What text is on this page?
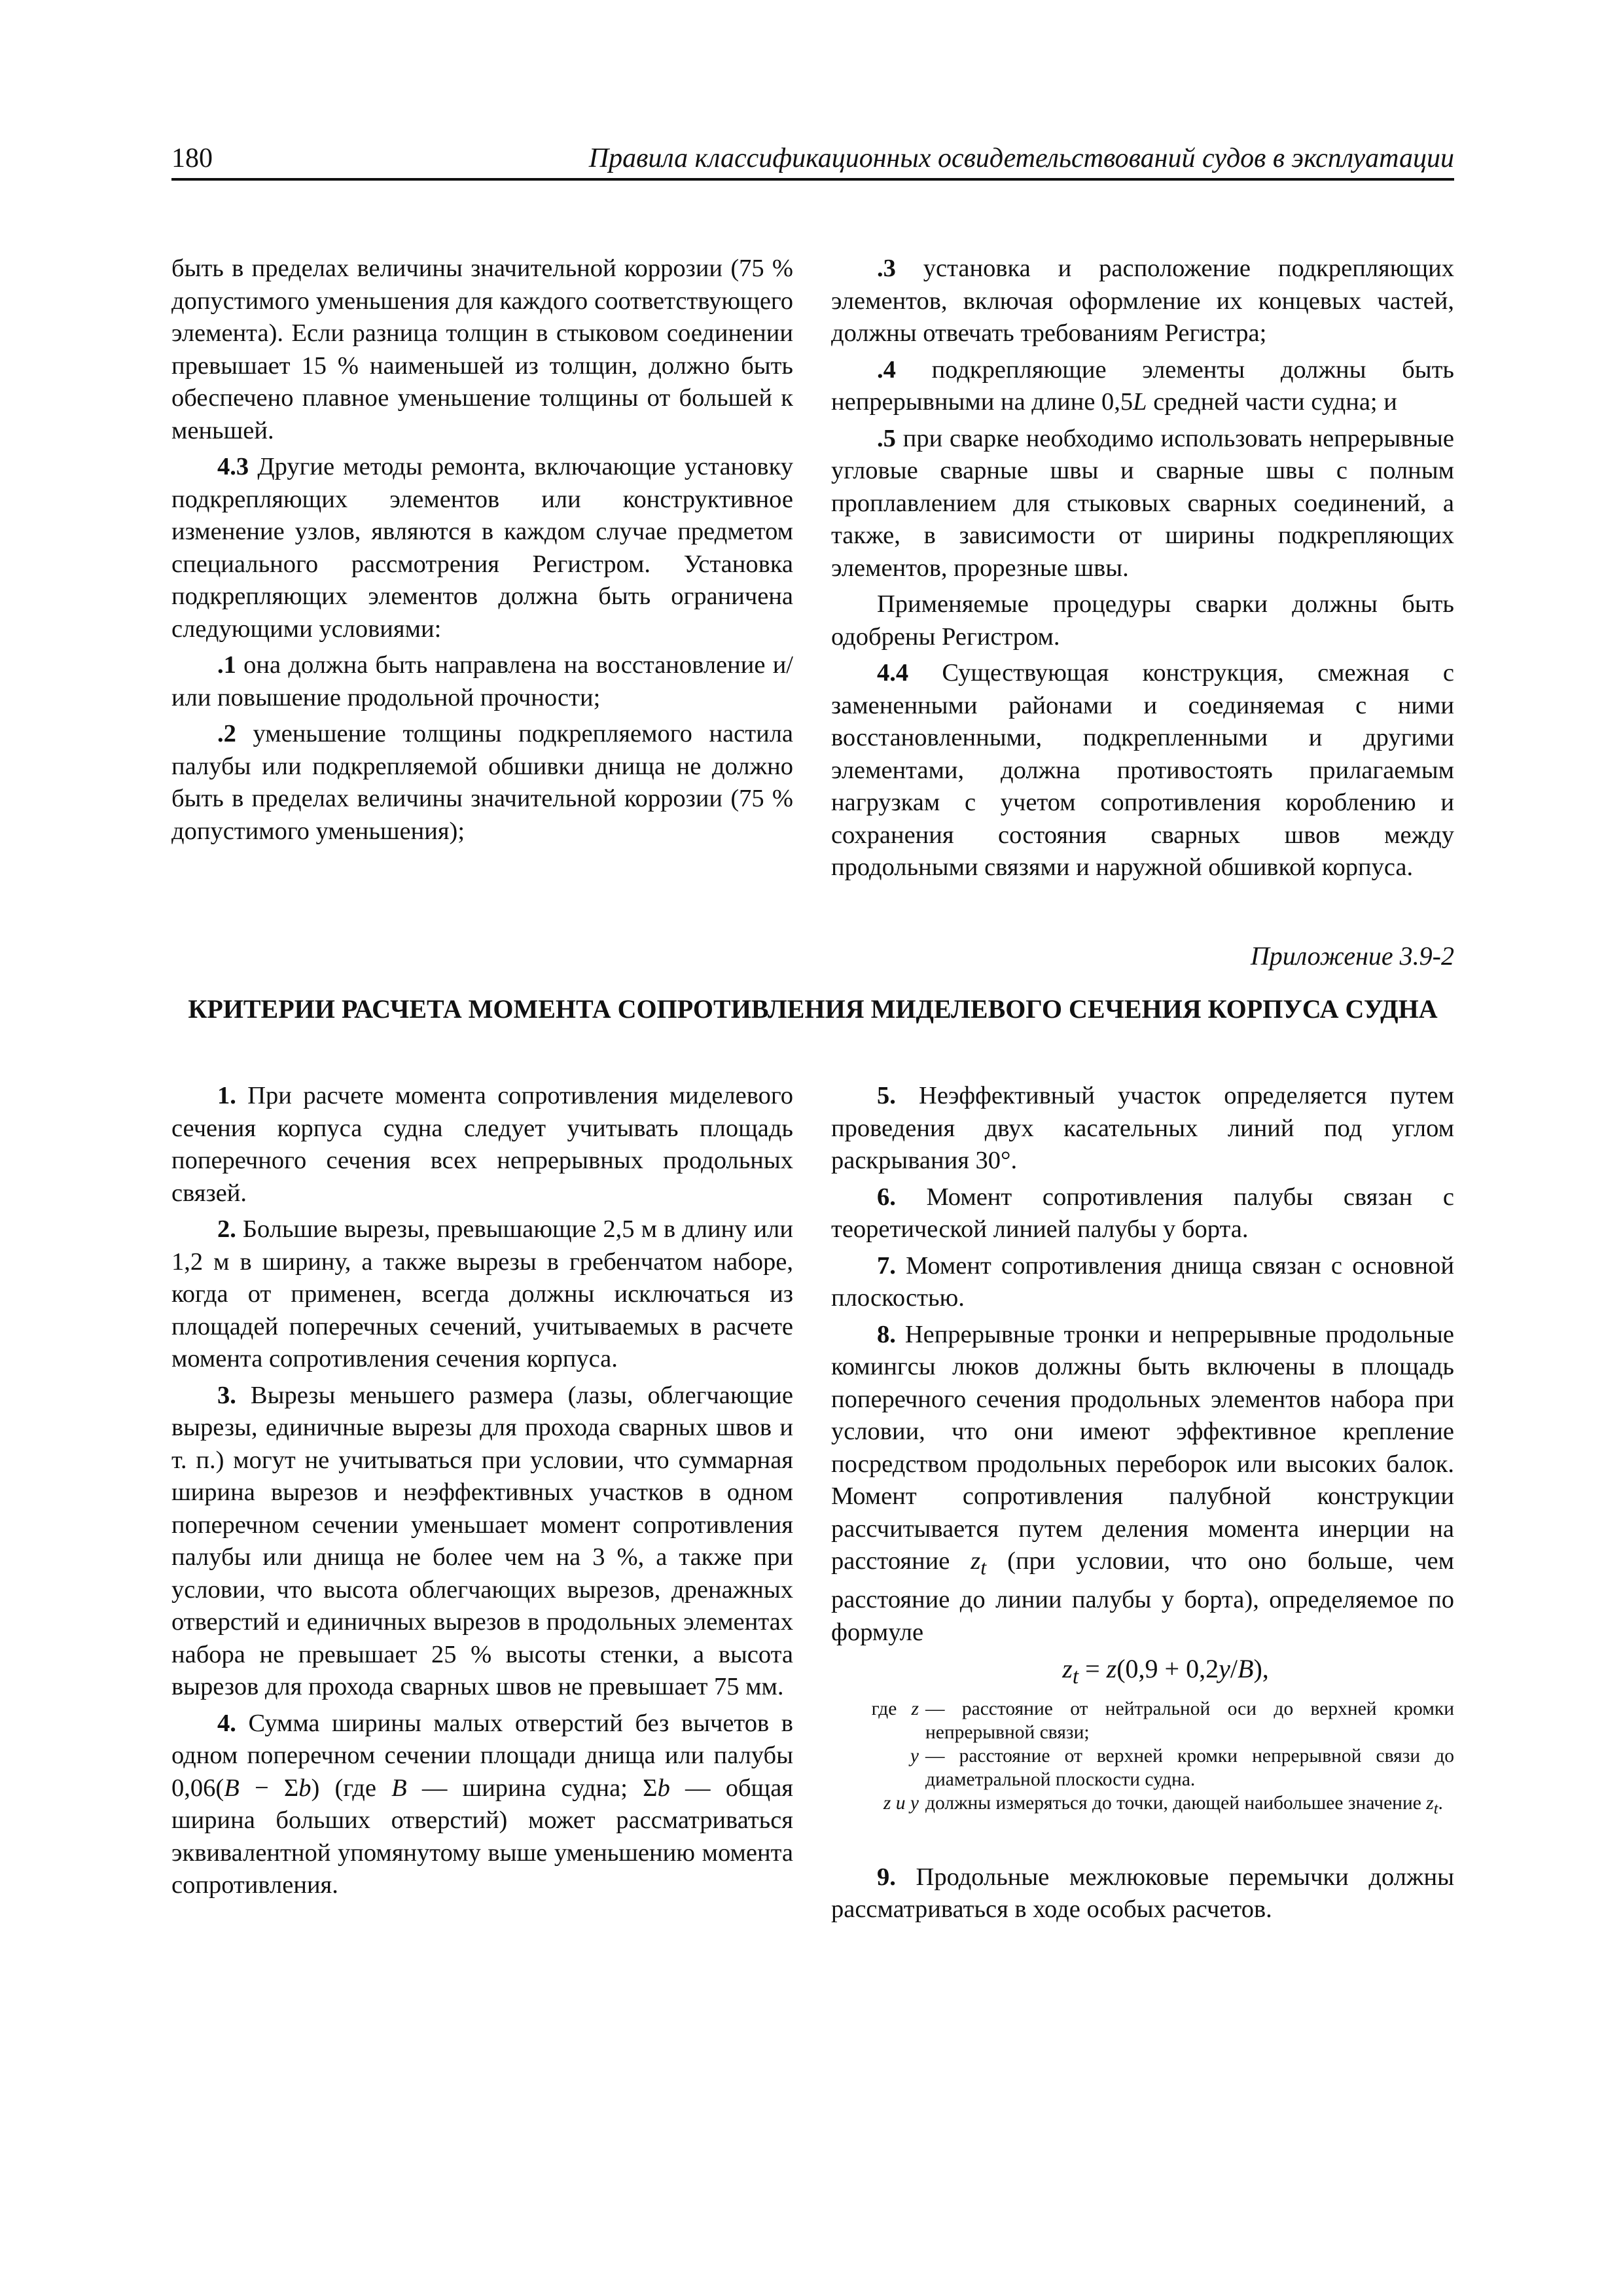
180	Правила классификационных освидетельствований судов в эксплуатации

быть в пределах величины значительной коррозии (75 % допустимого уменьшения для каждого соответствующего элемента). Если разница толщин в стыковом соединении превышает 15 % наименьшей из толщин, должно быть обеспечено плавное уменьшение толщины от большей к меньшей.

4.3 Другие методы ремонта, включающие установку подкрепляющих элементов или конструктивное изменение узлов, являются в каждом случае предметом специального рассмотрения Регистром. Установка подкрепляющих элементов должна быть ограничена следующими условиями:

.1 она должна быть направлена на восстановление и/или повышение продольной прочности;

.2 уменьшение толщины подкрепляемого настила палубы или подкрепляемой обшивки днища не должно быть в пределах величины значительной коррозии (75 % допустимого уменьшения);

.3 установка и расположение подкрепляющих элементов, включая оформление их концевых частей, должны отвечать требованиям Регистра;

.4 подкрепляющие элементы должны быть непрерывными на длине 0,5L средней части судна; и

.5 при сварке необходимо использовать непрерывные угловые сварные швы и сварные швы с полным проплавлением для стыковых сварных соединений, а также, в зависимости от ширины подкрепляющих элементов, прорезные швы.

Применяемые процедуры сварки должны быть одобрены Регистром.

4.4 Существующая конструкция, смежная с замененными районами и соединяемая с ними восстановленными, подкрепленными и другими элементами, должна противостоять прилагаемым нагрузкам с учетом сопротивления короблению и сохранения состояния сварных швов между продольными связями и наружной обшивкой корпуса.

Приложение 3.9-2
КРИТЕРИИ РАСЧЕТА МОМЕНТА СОПРОТИВЛЕНИЯ МИДЕЛЕВОГО СЕЧЕНИЯ КОРПУСА СУДНА

1. При расчете момента сопротивления миделевого сечения корпуса судна следует учитывать площадь поперечного сечения всех непрерывных продольных связей.

2. Большие вырезы, превышающие 2,5 м в длину или 1,2 м в ширину, а также вырезы в гребенчатом наборе, когда от применен, всегда должны исключаться из площадей поперечных сечений, учитываемых в расчете момента сопротивления сечения корпуса.

3. Вырезы меньшего размера (лазы, облегчающие вырезы, единичные вырезы для прохода сварных швов и т. п.) могут не учитываться при условии, что суммарная ширина вырезов и неэффективных участков в одном поперечном сечении уменьшает момент сопротивления палубы или днища не более чем на 3 %, а также при условии, что высота облегчающих вырезов, дренажных отверстий и единичных вырезов в продольных элементах набора не превышает 25 % высоты стенки, а высота вырезов для прохода сварных швов не превышает 75 мм.

4. Сумма ширины малых отверстий без вычетов в одном поперечном сечении площади днища или палубы 0,06(B − Σb) (где B — ширина судна; Σb — общая ширина больших отверстий) может рассматриваться эквивалентной упомянутому выше уменьшению момента сопротивления.

5. Неэффективный участок определяется путем проведения двух касательных линий под углом раскрывания 30°.

6. Момент сопротивления палубы связан с теоретической линией палубы у борта.

7. Момент сопротивления днища связан с основной плоскостью.

8. Непрерывные тронки и непрерывные продольные комингсы люков должны быть включены в площадь поперечного сечения продольных элементов набора при условии, что они имеют эффективное крепление посредством продольных переборок или высоких балок. Момент сопротивления палубной конструкции рассчитывается путем деления момента инерции на расстояние $z_t$ (при условии, что оно больше, чем расстояние до линии палубы у борта), определяемое по формуле

$z_t = z(0,9 + 0,2y/B)$,

где z — расстояние от нейтральной оси до верхней кромки непрерывной связи;
y — расстояние от верхней кромки непрерывной связи до диаметральной плоскости судна.
z и y должны измеряться до точки, дающей наибольшее значение $z_t$.

9. Продольные межлюковые перемычки должны рассматриваться в ходе особых расчетов.
